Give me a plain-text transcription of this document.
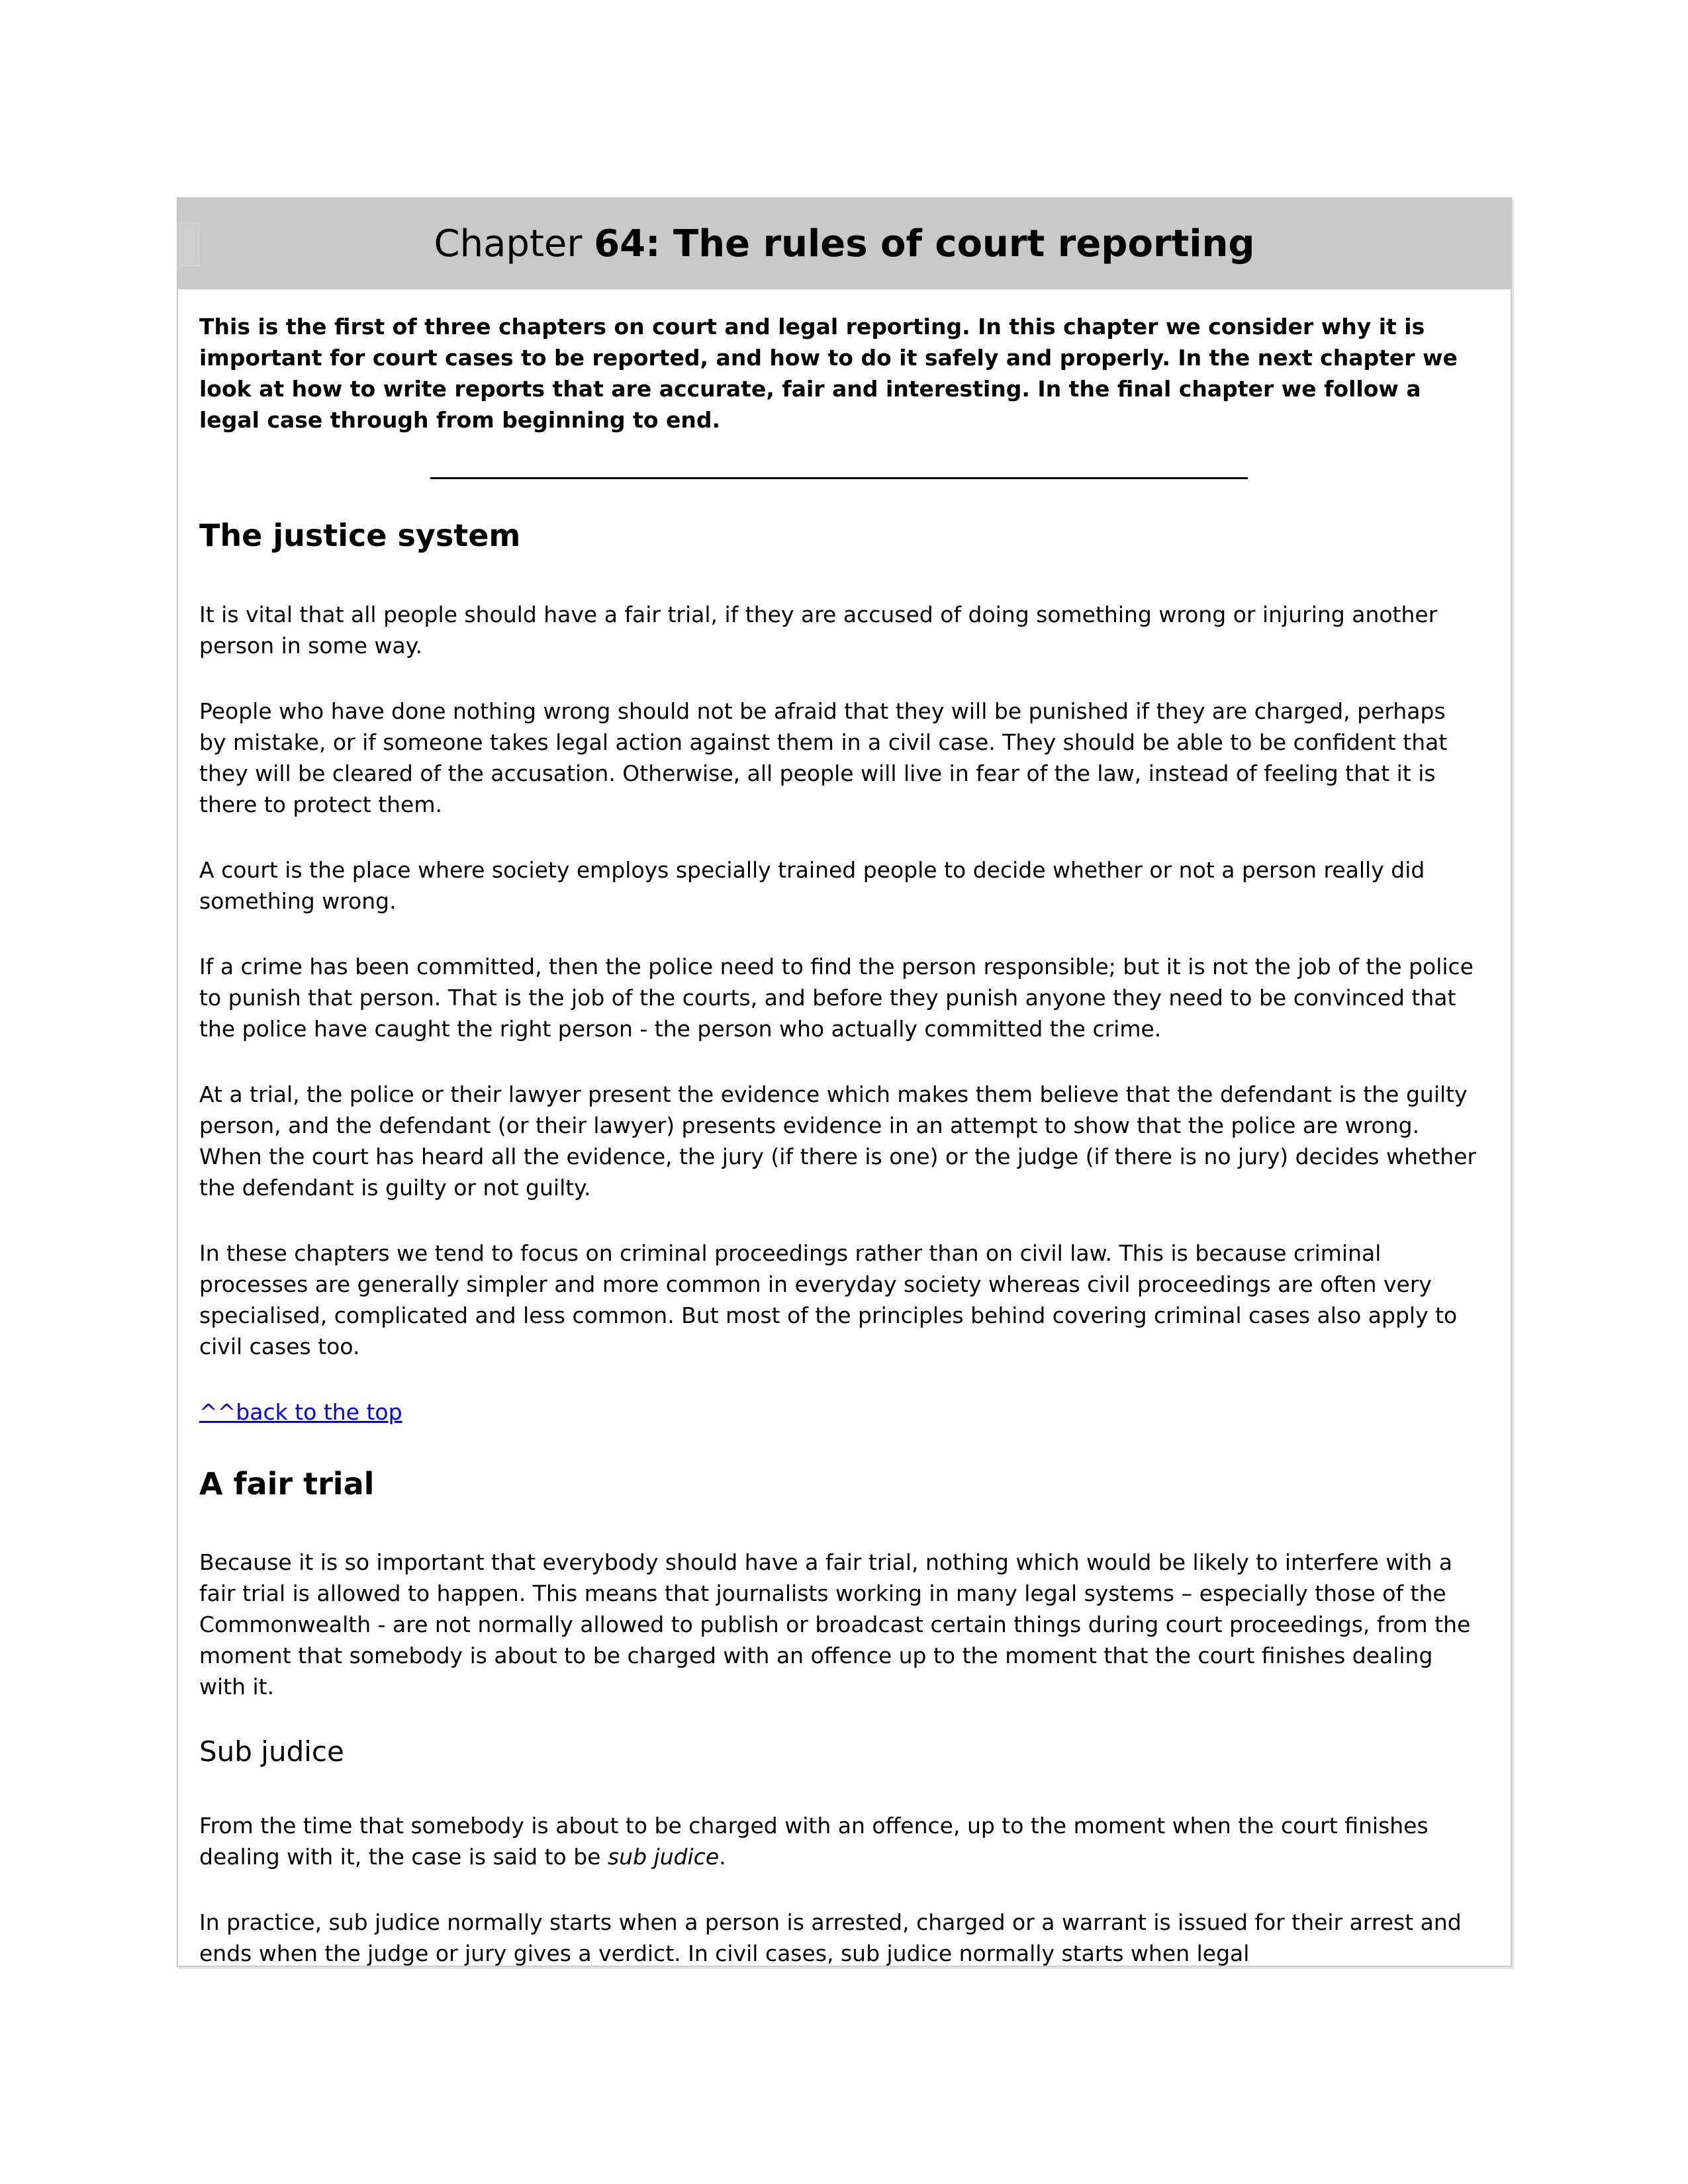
Chapter 64: The rules of court reporting

This is the first of three chapters on court and legal reporting. In this chapter we consider why it is important for court cases to be reported, and how to do it safely and properly. In the next chapter we look at how to write reports that are accurate, fair and interesting. In the final chapter we follow a legal case through from beginning to end.

The justice system

It is vital that all people should have a fair trial, if they are accused of doing something wrong or injuring another person in some way.

People who have done nothing wrong should not be afraid that they will be punished if they are charged, perhaps by mistake, or if someone takes legal action against them in a civil case. They should be able to be confident that they will be cleared of the accusation. Otherwise, all people will live in fear of the law, instead of feeling that it is there to protect them.

A court is the place where society employs specially trained people to decide whether or not a person really did something wrong.

If a crime has been committed, then the police need to find the person responsible; but it is not the job of the police to punish that person. That is the job of the courts, and before they punish anyone they need to be convinced that the police have caught the right person - the person who actually committed the crime.

At a trial, the police or their lawyer present the evidence which makes them believe that the defendant is the guilty person, and the defendant (or their lawyer) presents evidence in an attempt to show that the police are wrong. When the court has heard all the evidence, the jury (if there is one) or the judge (if there is no jury) decides whether the defendant is guilty or not guilty.

In these chapters we tend to focus on criminal proceedings rather than on civil law. This is because criminal processes are generally simpler and more common in everyday society whereas civil proceedings are often very specialised, complicated and less common. But most of the principles behind covering criminal cases also apply to civil cases too.

^^back to the top
A fair trial

Because it is so important that everybody should have a fair trial, nothing which would be likely to interfere with a fair trial is allowed to happen. This means that journalists working in many legal systems – especially those of the Commonwealth - are not normally allowed to publish or broadcast certain things during court proceedings, from the moment that somebody is about to be charged with an offence up to the moment that the court finishes dealing with it.

Sub judice

From the time that somebody is about to be charged with an offence, up to the moment when the court finishes dealing with it, the case is said to be sub judice.

In practice, sub judice normally starts when a person is arrested, charged or a warrant is issued for their arrest and ends when the judge or jury gives a verdict. In civil cases, sub judice normally starts when legal
